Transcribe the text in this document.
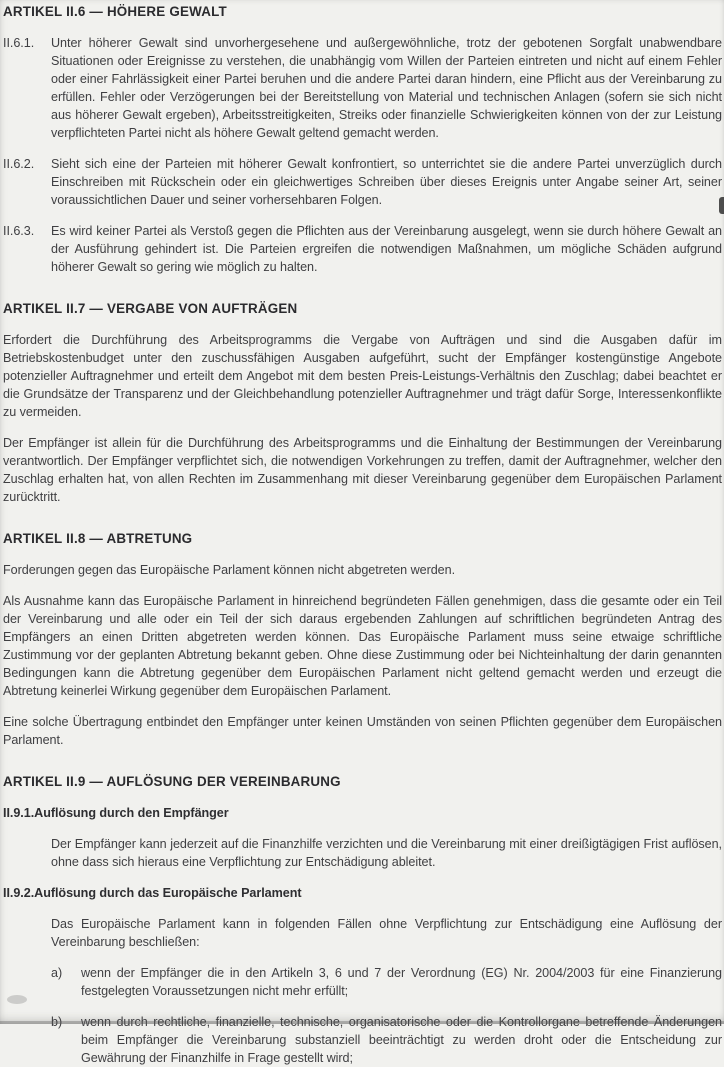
ARTIKEL II.6 — HÖHERE GEWALT
II.6.1.	Unter höherer Gewalt sind unvorhergesehene und außergewöhnliche, trotz der gebotenen Sorgfalt unabwendbare Situationen oder Ereignisse zu verstehen, die unabhängig vom Willen der Parteien eintreten und nicht auf einem Fehler oder einer Fahrlässigkeit einer Partei beruhen und die andere Partei daran hindern, eine Pflicht aus der Vereinbarung zu erfüllen. Fehler oder Verzögerungen bei der Bereitstellung von Material und technischen Anlagen (sofern sie sich nicht aus höherer Gewalt ergeben), Arbeitsstreitigkeiten, Streiks oder finanzielle Schwierigkeiten können von der zur Leistung verpflichteten Partei nicht als höhere Gewalt geltend gemacht werden.

II.6.2.	Sieht sich eine der Parteien mit höherer Gewalt konfrontiert, so unterrichtet sie die andere Partei unverzüglich durch Einschreiben mit Rückschein oder ein gleichwertiges Schreiben über dieses Ereignis unter Angabe seiner Art, seiner voraussichtlichen Dauer und seiner vorhersehbaren Folgen.

II.6.3.	Es wird keiner Partei als Verstoß gegen die Pflichten aus der Vereinbarung ausgelegt, wenn sie durch höhere Gewalt an der Ausführung gehindert ist. Die Parteien ergreifen die notwendigen Maßnahmen, um mögliche Schäden aufgrund höherer Gewalt so gering wie möglich zu halten.

ARTIKEL II.7 — VERGABE VON AUFTRÄGEN

Erfordert die Durchführung des Arbeitsprogramms die Vergabe von Aufträgen und sind die Ausgaben dafür im Betriebskostenbudget unter den zuschussfähigen Ausgaben aufgeführt, sucht der Empfänger kostengünstige Angebote potenzieller Auftragnehmer und erteilt dem Angebot mit dem besten Preis-Leistungs-Verhältnis den Zuschlag; dabei beachtet er die Grundsätze der Transparenz und der Gleichbehandlung potenzieller Auftragnehmer und trägt dafür Sorge, Interessenkonflikte zu vermeiden.

Der Empfänger ist allein für die Durchführung des Arbeitsprogramms und die Einhaltung der Bestimmungen der Vereinbarung verantwortlich. Der Empfänger verpflichtet sich, die notwendigen Vorkehrungen zu treffen, damit der Auftragnehmer, welcher den Zuschlag erhalten hat, von allen Rechten im Zusammenhang mit dieser Vereinbarung gegenüber dem Europäischen Parlament zurücktritt.

ARTIKEL II.8 — ABTRETUNG

Forderungen gegen das Europäische Parlament können nicht abgetreten werden.

Als Ausnahme kann das Europäische Parlament in hinreichend begründeten Fällen genehmigen, dass die gesamte oder ein Teil der Vereinbarung und alle oder ein Teil der sich daraus ergebenden Zahlungen auf schriftlichen begründeten Antrag des Empfängers an einen Dritten abgetreten werden können. Das Europäische Parlament muss seine etwaige schriftliche Zustimmung vor der geplanten Abtretung bekannt geben. Ohne diese Zustimmung oder bei Nichteinhaltung der darin genannten Bedingungen kann die Abtretung gegenüber dem Europäischen Parlament nicht geltend gemacht werden und erzeugt die Abtretung keinerlei Wirkung gegenüber dem Europäischen Parlament.

Eine solche Übertragung entbindet den Empfänger unter keinen Umständen von seinen Pflichten gegenüber dem Europäischen Parlament.

ARTIKEL II.9 — AUFLÖSUNG DER VEREINBARUNG
II.9.1. Auflösung durch den Empfänger

Der Empfänger kann jederzeit auf die Finanzhilfe verzichten und die Vereinbarung mit einer dreißigtägigen Frist auflösen, ohne dass sich hieraus eine Verpflichtung zur Entschädigung ableitet.

II.9.2. Auflösung durch das Europäische Parlament

Das Europäische Parlament kann in folgenden Fällen ohne Verpflichtung zur Entschädigung eine Auflösung der Vereinbarung beschließen:

a)	wenn der Empfänger die in den Artikeln 3, 6 und 7 der Verordnung (EG) Nr. 2004/2003 für eine Finanzierung festgelegten Voraussetzungen nicht mehr erfüllt;

b)	wenn durch rechtliche, finanzielle, technische, organisatorische oder die Kontrollorgane betreffende Änderungen beim Empfänger die Vereinbarung substanziell beeinträchtigt zu werden droht oder die Entscheidung zur Gewährung der Finanzhilfe in Frage gestellt wird;
